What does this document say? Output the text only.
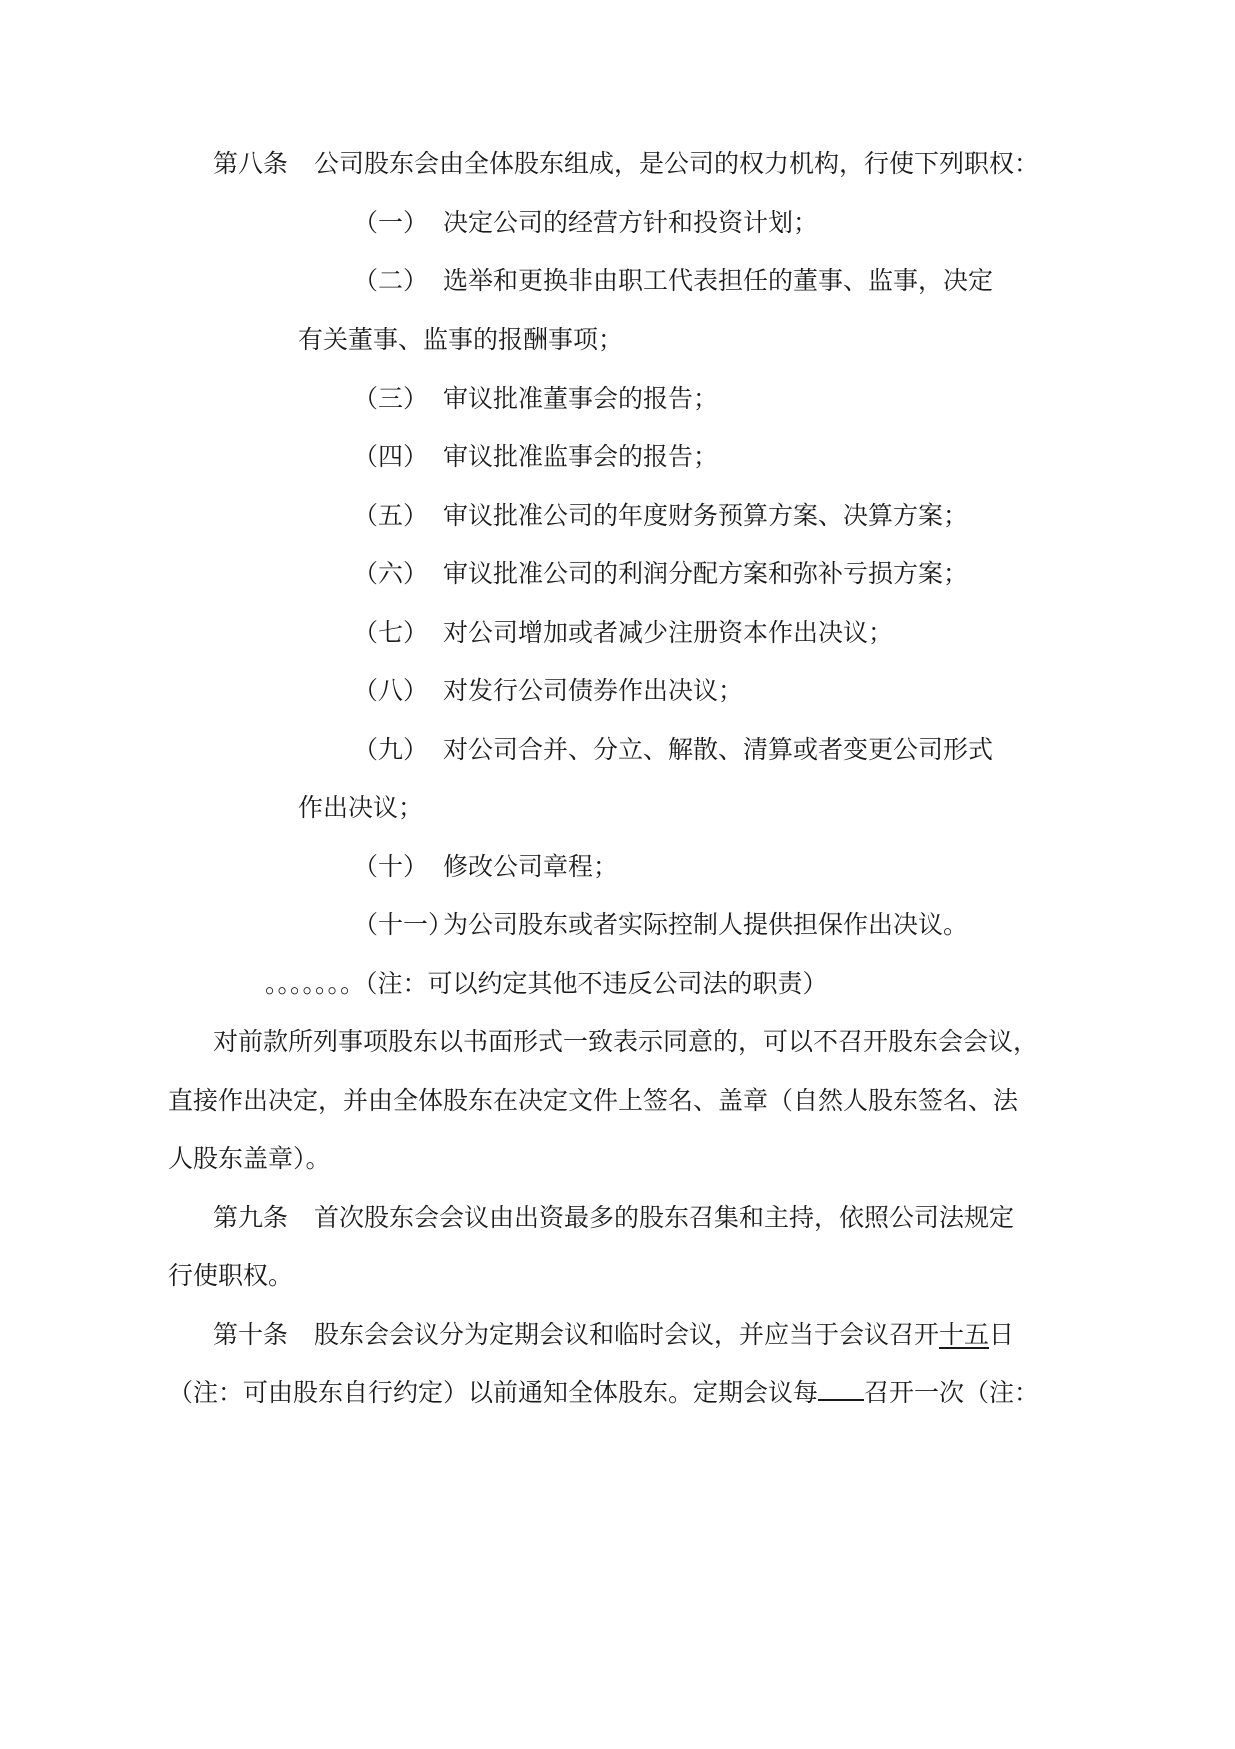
第八条 公司股东会由全体股东组成，是公司的权力机构，行使下列职权：
（一） 决定公司的经营方针和投资计划；
（二） 选举和更换非由职工代表担任的董事、监事，决定
有关董事、监事的报酬事项；
（三） 审议批准董事会的报告；
（四） 审议批准监事会的报告；
（五） 审议批准公司的年度财务预算方案、决算方案；
（六） 审议批准公司的利润分配方案和弥补亏损方案；
（七） 对公司增加或者减少注册资本作出决议；
（八） 对发行公司债券作出决议；
（九） 对公司合并、分立、解散、清算或者变更公司形式
作出决议；
（十） 修改公司章程；
（十一）
为公司股东或者实际控制人提供担保作出决议。
。。。。。。。（注：可以约定其他不违反公司法的职责）
对前款所列事项股东以书面形式一致表示同意的，可以不召开股东会会议，
直接作出决定，并由全体股东在决定文件上签名、盖章（自然人股东签名、法
人股东盖章）。
第九条 首次股东会会议由出资最多的股东召集和主持，依照公司法规定
行使职权。
第十条 股东会会议分为定期会议和临时会议，并应当于会议召开十五日
（注：可由股东自行约定）以前通知全体股东。定期会议每 召开一次（注：
